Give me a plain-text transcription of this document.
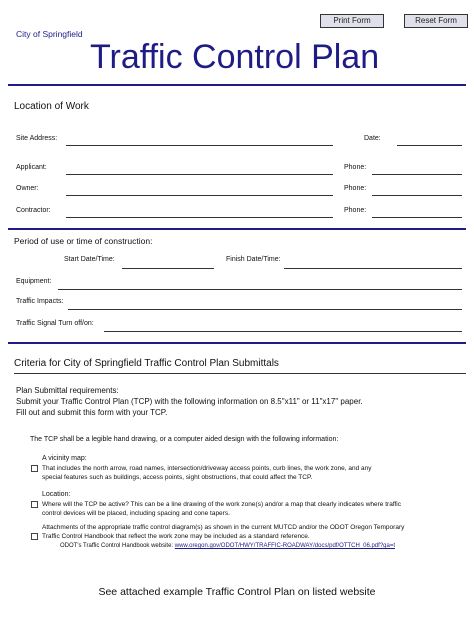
Print Form	Reset Form
City of Springfield
Traffic Control Plan
Location of Work
Site Address:	Date:
Applicant:	Phone:
Owner:	Phone:
Contractor:	Phone:
Period of use or time of construction:
Start Date/Time:	Finish Date/Time:
Equipment:
Traffic Impacts:
Traffic Signal Turn off/on:
Criteria for City of Springfield Traffic Control Plan Submittals
Plan Submittal requirements:
Submit your Traffic Control Plan (TCP) with the following information on 8.5"x11" or 11"x17" paper.
Fill out and submit this form with your TCP.
The TCP shall be a legible hand drawing, or a computer aided design with the following information:
A vicinity map:
That includes the north arrow, road names, intersection/driveway access points, curb lines, the work zone, and any
special features such as buildings, access points, sight obstructions, that could affect the TCP.
Location:
Where will the TCP be active? This can be a line drawing of the work zone(s) and/or a map that clearly indicates where traffic
control devices will be placed, including spacing and cone tapers.
Attachments of the appropriate traffic control diagram(s) as shown in the current MUTCD and/or the ODOT Oregon Temporary
Traffic Control Handbook that reflect the work zone may be included as a standard reference.
ODOT's Traffic Control Handbook website: www.oregon.gov/ODOT/HWY/TRAFFIC-ROADWAY/docs/pdf/OTTCH_06.pdf?ga=t
See attached example Traffic Control Plan on listed website
